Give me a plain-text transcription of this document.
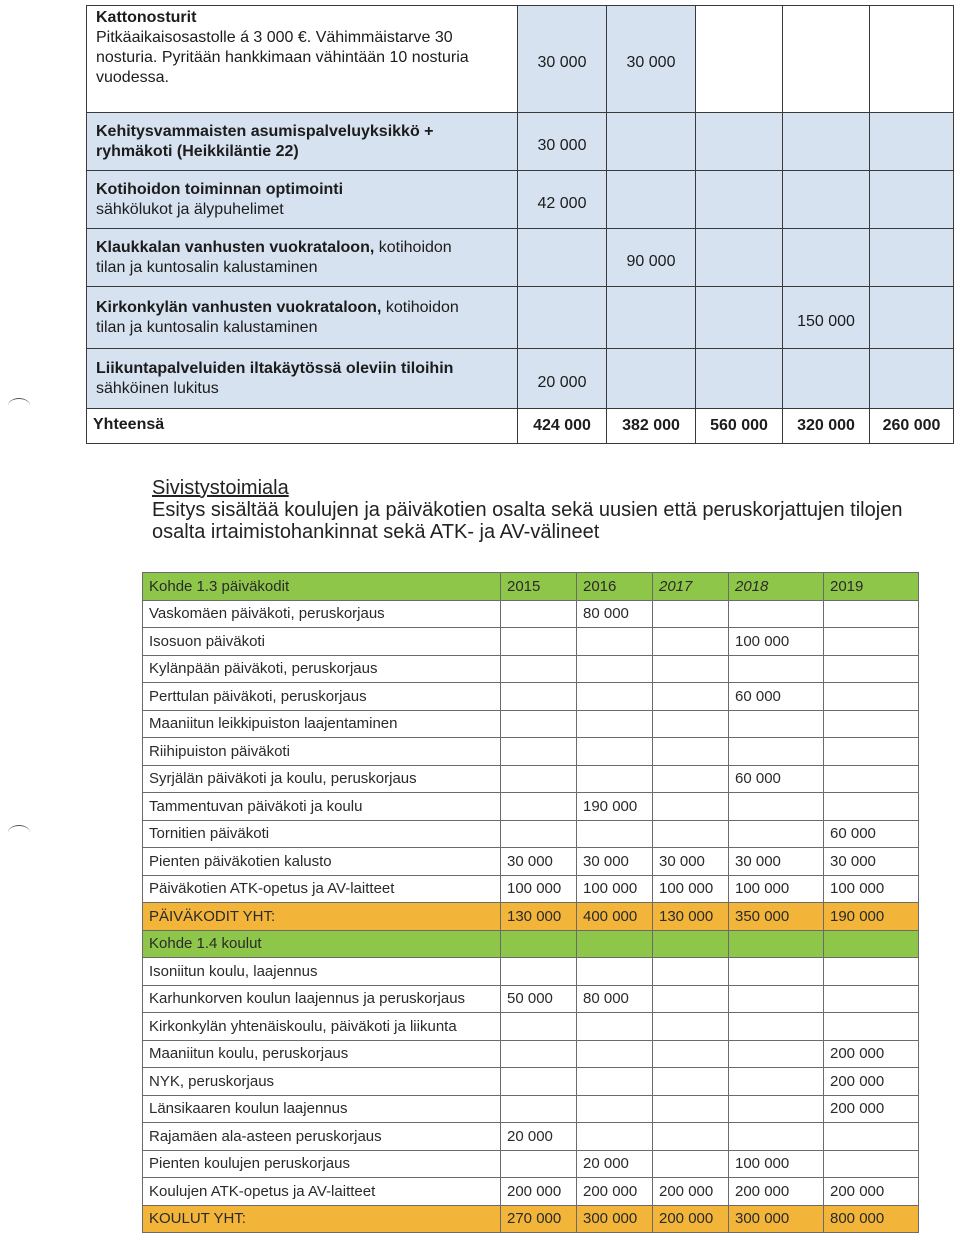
Kattonosturit
Pitkäaikaisosastolle á 3 000 €. Vähimmäistarve 30 nosturia. Pyritään hankkimaan vähintään 10 nosturia vuodessa.	30 000	30 000			
Kehitysvammaisten asumispalveluyksikkö + ryhmäkoti (Heikkiläntie 22)	30 000				
Kotihoidon toiminnan optimointi
sähkölukot ja älypuhelimet	42 000				
Klaukkalan vanhusten vuokrataloon, kotihoidon
tilan ja kuntosalin kalustaminen		90 000			
Kirkonkylän vanhusten vuokrataloon, kotihoidon
tilan ja kuntosalin kalustaminen				150 000	
Liikuntapalveluiden iltakäytössä oleviin tiloihin
sähköinen lukitus	20 000				
Yhteensä	424 000	382 000	560 000	320 000	260 000
Sivistystoimiala
Esitys sisältää koulujen ja päiväkotien osalta sekä uusien että peruskorjattujen tilojen osalta irtaimistohankinnat sekä ATK- ja AV-välineet
Kohde 1.3 päiväkodit	2015	2016	2017	2018	2019
Vaskomäen päiväkoti, peruskorjaus		80 000			
Isosuon päiväkoti				100 000	
Kylänpään päiväkoti, peruskorjaus					
Perttulan päiväkoti, peruskorjaus				60 000	
Maaniitun leikkipuiston laajentaminen					
Riihipuiston päiväkoti					
Syrjälän päiväkoti ja koulu, peruskorjaus				60 000	
Tammentuvan päiväkoti ja koulu		190 000			
Tornitien päiväkoti					60 000
Pienten päiväkotien kalusto	30 000	30 000	30 000	30 000	30 000
Päiväkotien ATK-opetus ja AV-laitteet	100 000	100 000	100 000	100 000	100 000
PÄIVÄKODIT YHT:	130 000	400 000	130 000	350 000	190 000
Kohde 1.4 koulut					
Isoniitun koulu, laajennus					
Karhunkorven koulun laajennus ja peruskorjaus	50 000	80 000			
Kirkonkylän yhtenäiskoulu, päiväkoti ja liikunta					
Maaniitun koulu, peruskorjaus					200 000
NYK, peruskorjaus					200 000
Länsikaaren koulun laajennus					200 000
Rajamäen ala-asteen peruskorjaus	20 000				
Pienten koulujen peruskorjaus		20 000		100 000	
Koulujen ATK-opetus ja AV-laitteet	200 000	200 000	200 000	200 000	200 000
KOULUT YHT:	270 000	300 000	200 000	300 000	800 000
